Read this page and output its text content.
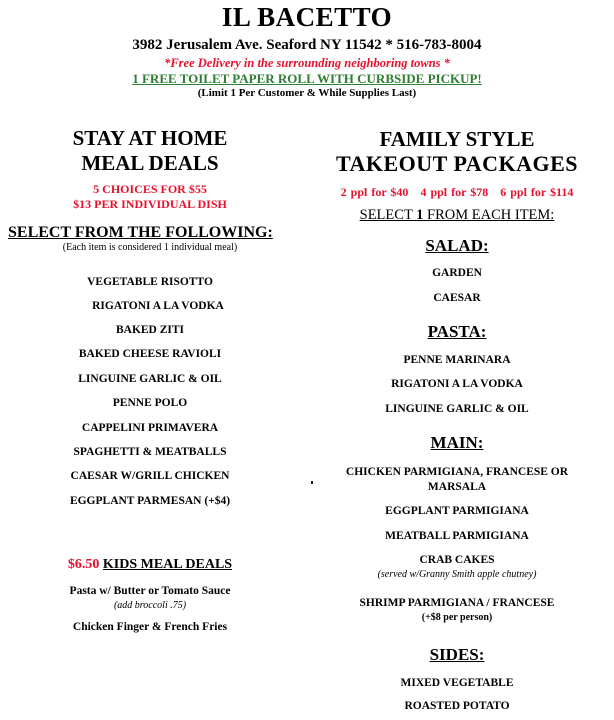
IL BACETTO
3982 Jerusalem Ave. Seaford NY 11542 * 516-783-8004
*Free Delivery in the surrounding neighboring towns *
1 FREE TOILET PAPER ROLL WITH CURBSIDE PICKUP!
(Limit 1 Per Customer & While Supplies Last)
STAY AT HOME
MEAL DEALS
5 CHOICES FOR $55
$13 PER INDIVIDUAL DISH
SELECT FROM THE FOLLOWING:
(Each item is considered 1 individual meal)
VEGETABLE RISOTTO
RIGATONI A LA VODKA
BAKED ZITI
BAKED CHEESE RAVIOLI
LINGUINE GARLIC & OIL
PENNE POLO
CAPPELINI PRIMAVERA
SPAGHETTI & MEATBALLS
CAESAR W/GRILL CHICKEN
EGGPLANT PARMESAN (+$4)
$6.50 KIDS MEAL DEALS
Pasta w/ Butter or Tomato Sauce
(add broccoli .75)
Chicken Finger & French Fries
FAMILY STYLE
TAKEOUT PACKAGES
2 ppl for $40 4 ppl for $78 6 ppl for $114
SELECT 1 FROM EACH ITEM:
SALAD:
GARDEN
CAESAR
PASTA:
PENNE MARINARA
RIGATONI A LA VODKA
LINGUINE GARLIC & OIL
MAIN:
CHICKEN PARMIGIANA, FRANCESE OR
MARSALA
EGGPLANT PARMIGIANA
MEATBALL PARMIGIANA
CRAB CAKES
(served w/Granny Smith apple chutney)
SHRIMP PARMIGIANA / FRANCESE
(+$8 per person)
SIDES:
MIXED VEGETABLE
ROASTED POTATO
